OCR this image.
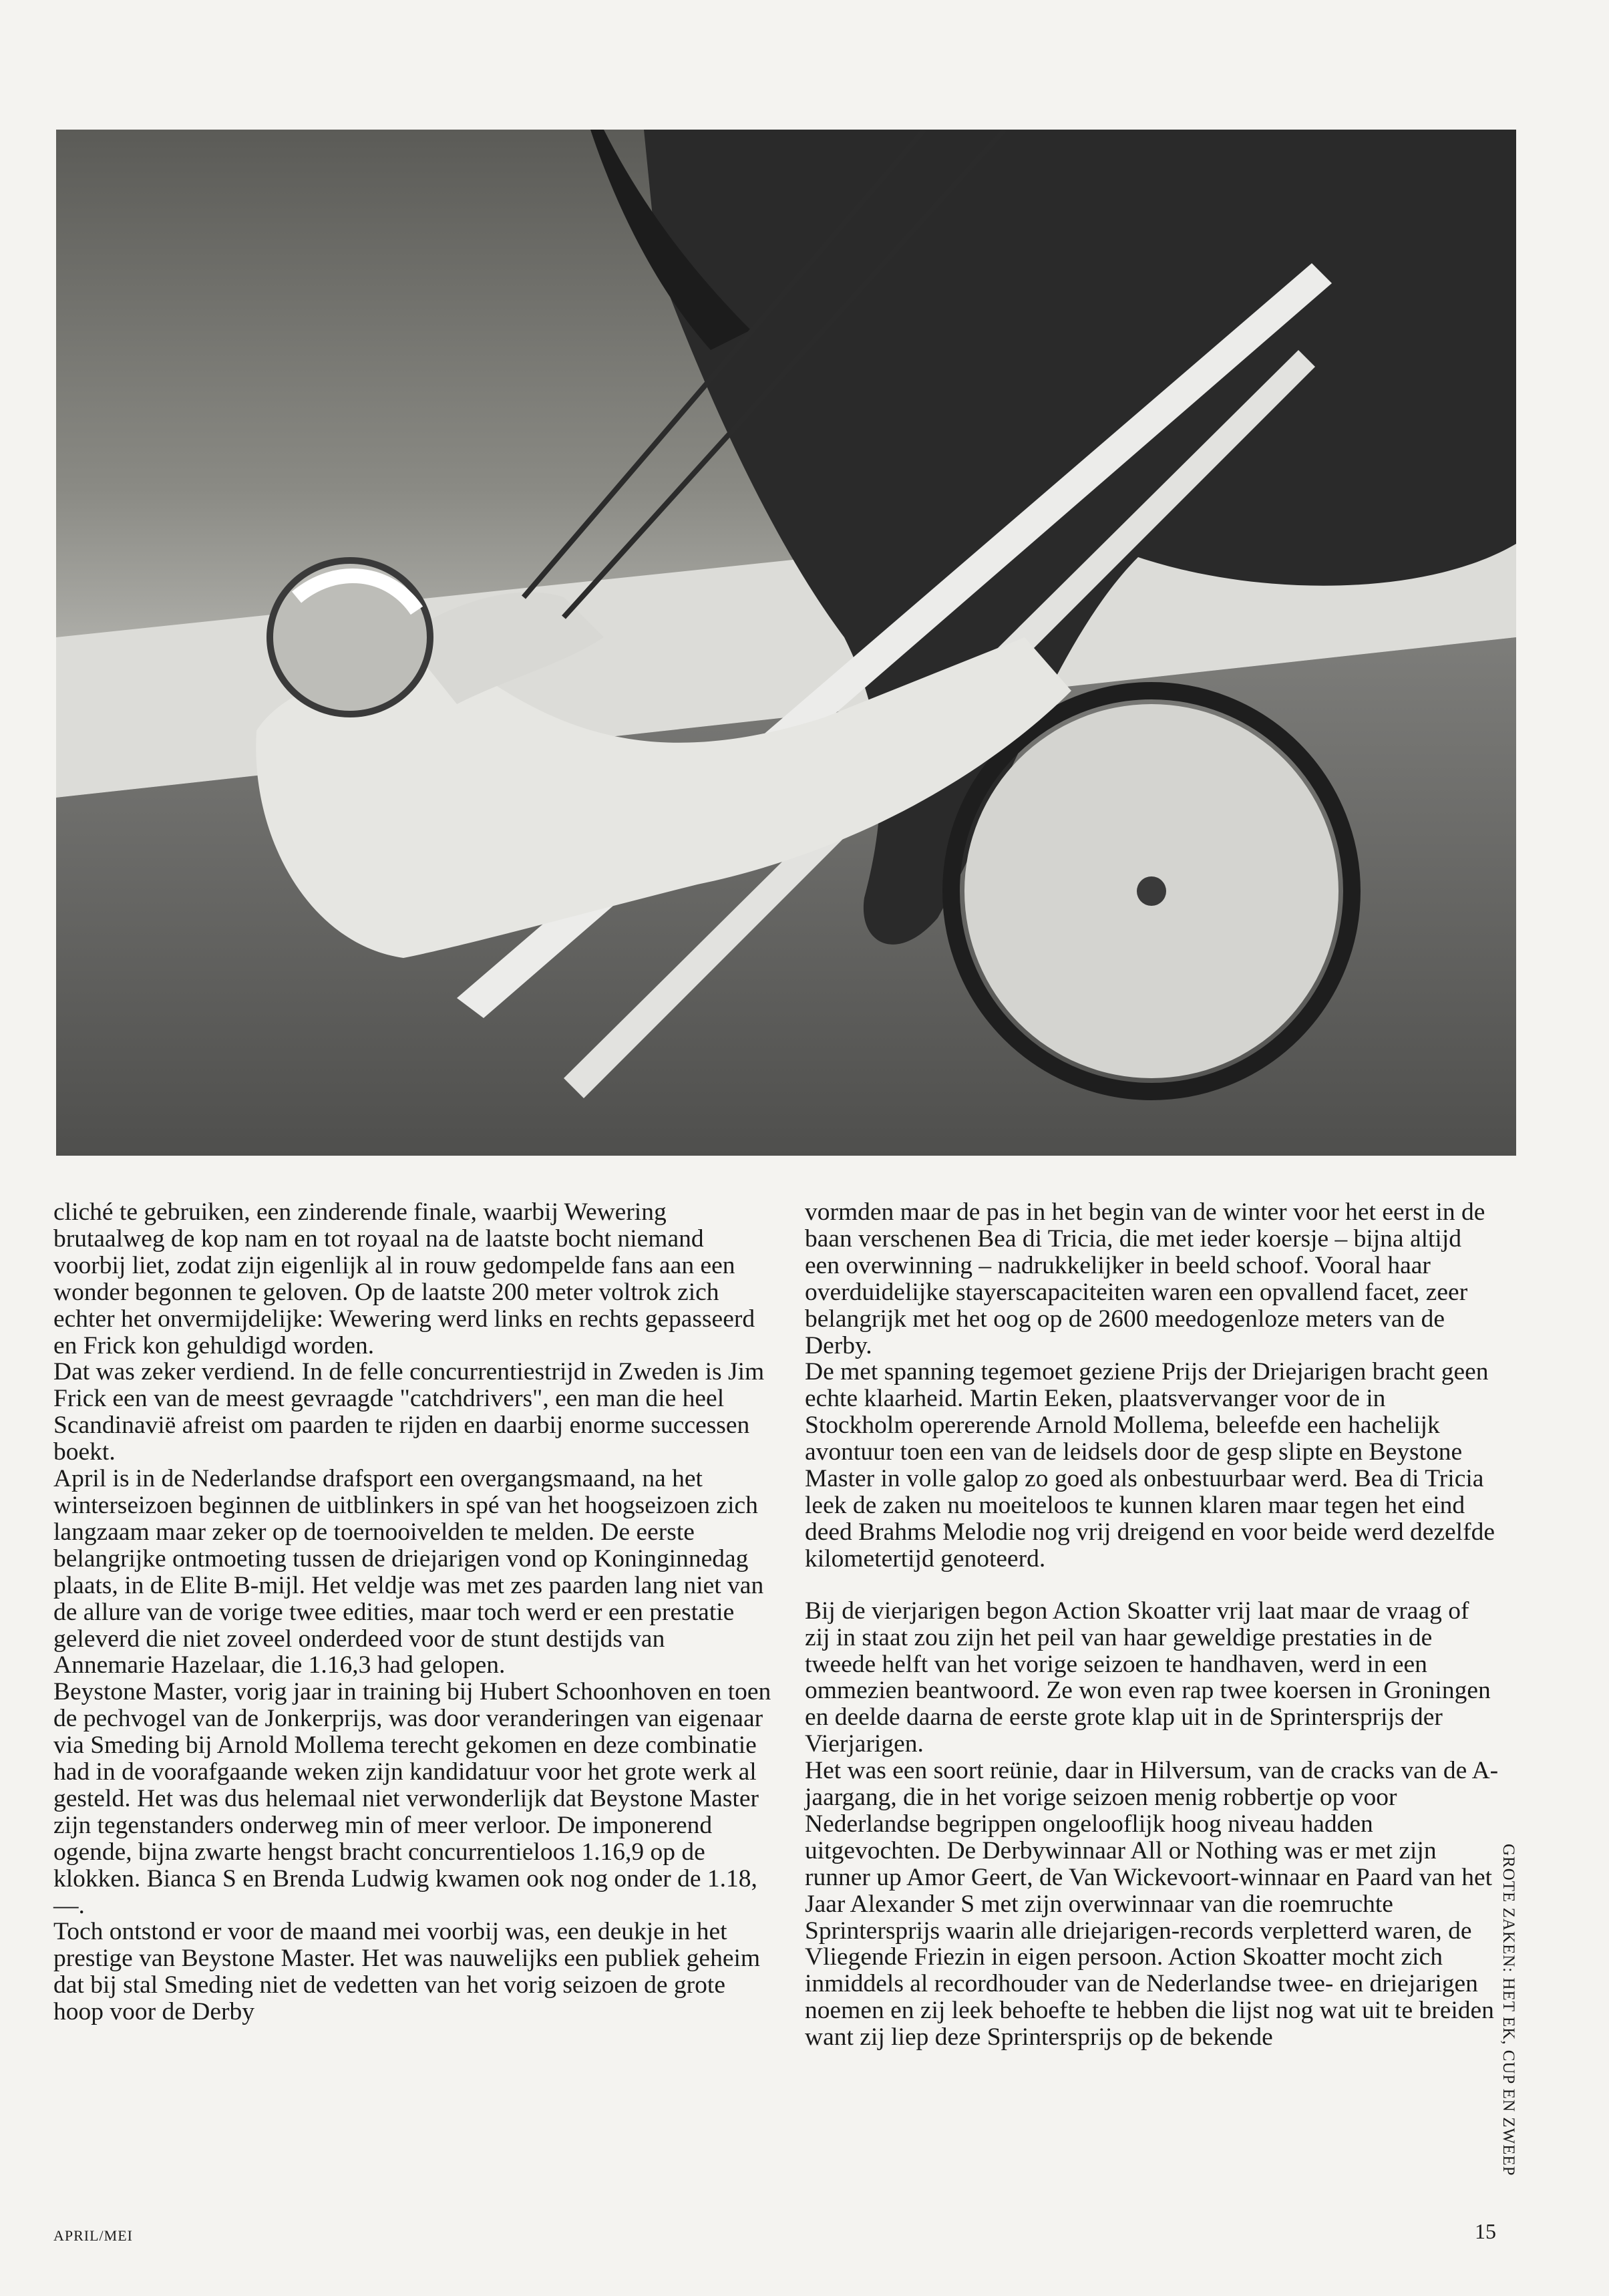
cliché te gebruiken, een zinderende finale, waarbij Wewering brutaalweg de kop nam en tot royaal na de laatste bocht niemand voorbij liet, zodat zijn eigenlijk al in rouw gedompelde fans aan een wonder begonnen te geloven. Op de laatste 200 meter voltrok zich echter het onvermijdelijke: Wewering werd links en rechts gepasseerd en Frick kon gehuldigd worden.

Dat was zeker verdiend. In de felle concurrentiestrijd in Zweden is Jim Frick een van de meest gevraagde "catchdrivers", een man die heel Scandinavië afreist om paarden te rijden en daarbij enorme successen boekt.

April is in de Nederlandse drafsport een overgangsmaand, na het winterseizoen beginnen de uitblinkers in spé van het hoogseizoen zich langzaam maar zeker op de toernooivelden te melden. De eerste belangrijke ontmoeting tussen de driejarigen vond op Koninginnedag plaats, in de Elite B-mijl. Het veldje was met zes paarden lang niet van de allure van de vorige twee edities, maar toch werd er een prestatie geleverd die niet zoveel onderdeed voor de stunt destijds van Annemarie Hazelaar, die 1.16,3 had gelopen.

Beystone Master, vorig jaar in training bij Hubert Schoonhoven en toen de pechvogel van de Jonkerprijs, was door veranderingen van eigenaar via Smeding bij Arnold Mollema terecht gekomen en deze combinatie had in de voorafgaande weken zijn kandidatuur voor het grote werk al gesteld. Het was dus helemaal niet verwonderlijk dat Beystone Master zijn tegenstanders onderweg min of meer verloor. De imponerend ogende, bijna zwarte hengst bracht concurrentieloos 1.16,9 op de klokken. Bianca S en Brenda Ludwig kwamen ook nog onder de 1.18,—.

Toch ontstond er voor de maand mei voorbij was, een deukje in het prestige van Beystone Master. Het was nauwelijks een publiek geheim dat bij stal Smeding niet de vedetten van het vorig seizoen de grote hoop voor de Derby

vormden maar de pas in het begin van de winter voor het eerst in de baan verschenen Bea di Tricia, die met ieder koersje – bijna altijd een overwinning – nadrukkelijker in beeld schoof. Vooral haar overduidelijke stayerscapaciteiten waren een opvallend facet, zeer belangrijk met het oog op de 2600 meedogenloze meters van de Derby.

De met spanning tegemoet geziene Prijs der Driejarigen bracht geen echte klaarheid. Martin Eeken, plaatsvervanger voor de in Stockholm opererende Arnold Mollema, beleefde een hachelijk avontuur toen een van de leidsels door de gesp slipte en Beystone Master in volle galop zo goed als onbestuurbaar werd. Bea di Tricia leek de zaken nu moeiteloos te kunnen klaren maar tegen het eind deed Brahms Melodie nog vrij dreigend en voor beide werd dezelfde kilometertijd genoteerd.

Bij de vierjarigen begon Action Skoatter vrij laat maar de vraag of zij in staat zou zijn het peil van haar geweldige prestaties in de tweede helft van het vorige seizoen te handhaven, werd in een ommezien beantwoord. Ze won even rap twee koersen in Groningen en deelde daarna de eerste grote klap uit in de Sprintersprijs der Vierjarigen.

Het was een soort reünie, daar in Hilversum, van de cracks van de A-jaargang, die in het vorige seizoen menig robbertje op voor Nederlandse begrippen ongelooflijk hoog niveau hadden uitgevochten. De Derbywinnaar All or Nothing was er met zijn runner up Amor Geert, de Van Wickevoort-winnaar en Paard van het Jaar Alexander S met zijn overwinnaar van die roemruchte Sprintersprijs waarin alle driejarigen-records verpletterd waren, de Vliegende Friezin in eigen persoon. Action Skoatter mocht zich inmiddels al recordhouder van de Nederlandse twee- en driejarigen noemen en zij leek behoefte te hebben die lijst nog wat uit te breiden want zij liep deze Sprintersprijs op de bekende	GROTE ZAKEN: HET EK, CUP EN ZWEEP
APRIL/MEI	15
